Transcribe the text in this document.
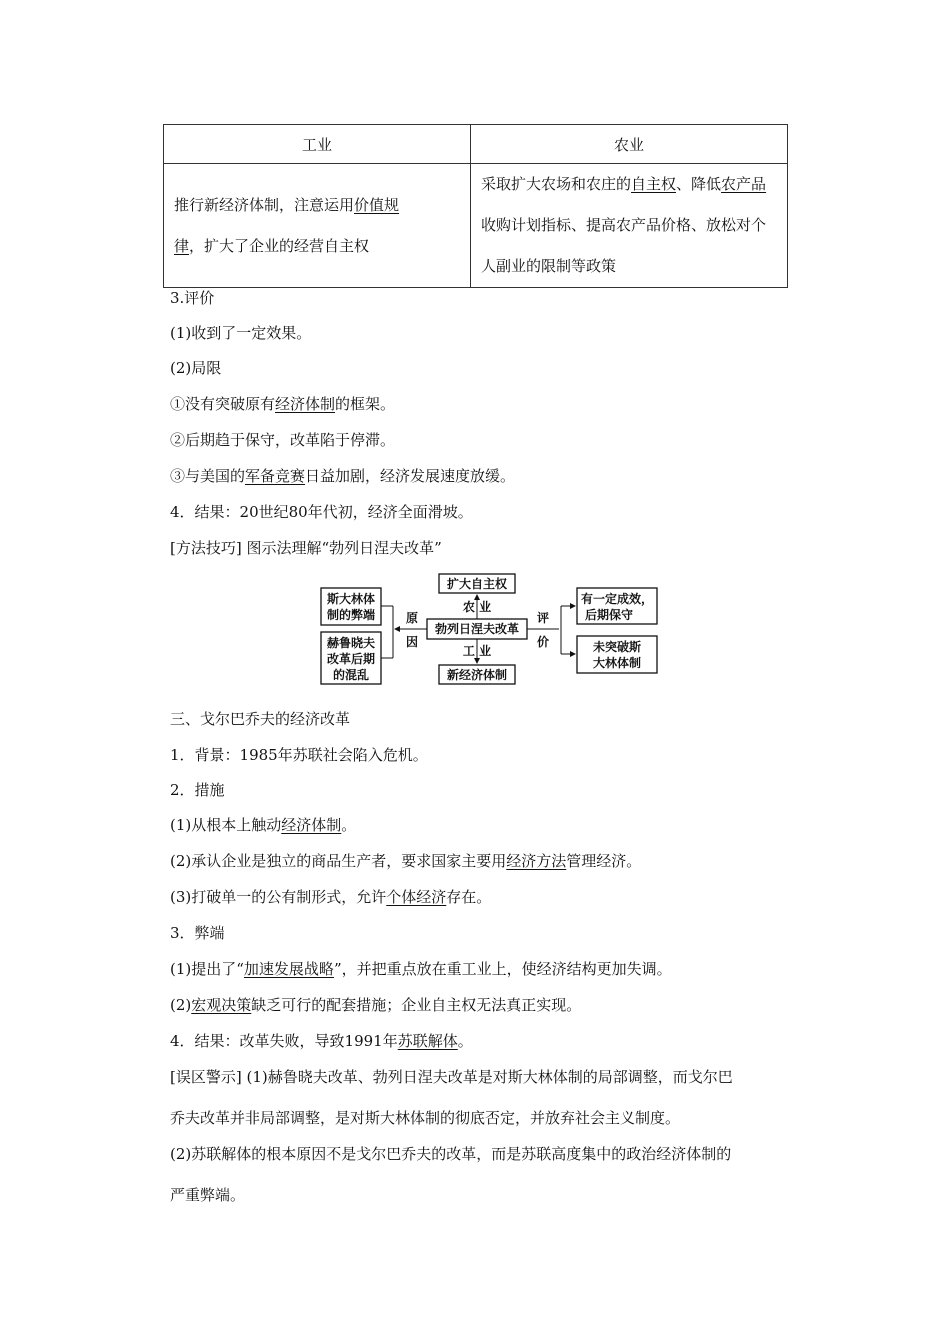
工业	农业
推行新经济体制，注意运用价值规
律，扩大了企业的经营自主权	采取扩大农场和农庄的自主权、降低农产品收购计划指标、提高农产品价格、放松对个人副业的限制等政策
3.评价
(1)收到了一定效果。
(2)局限
①没有突破原有经济体制的框架。
②后期趋于保守，改革陷于停滞。
③与美国的军备竞赛日益加剧，经济发展速度放缓。
4．结果：20世纪80年代初，经济全面滑坡。
[方法技巧] 图示法理解“勃列日涅夫改革”
勃列日涅夫改革
扩大自主权
农 业
新经济体制
工 业
斯大林体
制的弊端
赫鲁晓夫
改革后期
的混乱
原
因
有一定成效，
后期保守
未突破斯
大林体制
评
价
三、戈尔巴乔夫的经济改革
1．背景：1985年苏联社会陷入危机。
2．措施
(1)从根本上触动经济体制。
(2)承认企业是独立的商品生产者，要求国家主要用经济方法管理经济。
(3)打破单一的公有制形式，允许个体经济存在。
3．弊端
(1)提出了“加速发展战略”，并把重点放在重工业上，使经济结构更加失调。
(2)宏观决策缺乏可行的配套措施；企业自主权无法真正实现。
4．结果：改革失败，导致1991年苏联解体。
[误区警示] (1)赫鲁晓夫改革、勃列日涅夫改革是对斯大林体制的局部调整，而戈尔巴
乔夫改革并非局部调整，是对斯大林体制的彻底否定，并放弃社会主义制度。
(2)苏联解体的根本原因不是戈尔巴乔夫的改革，而是苏联高度集中的政治经济体制的
严重弊端。
